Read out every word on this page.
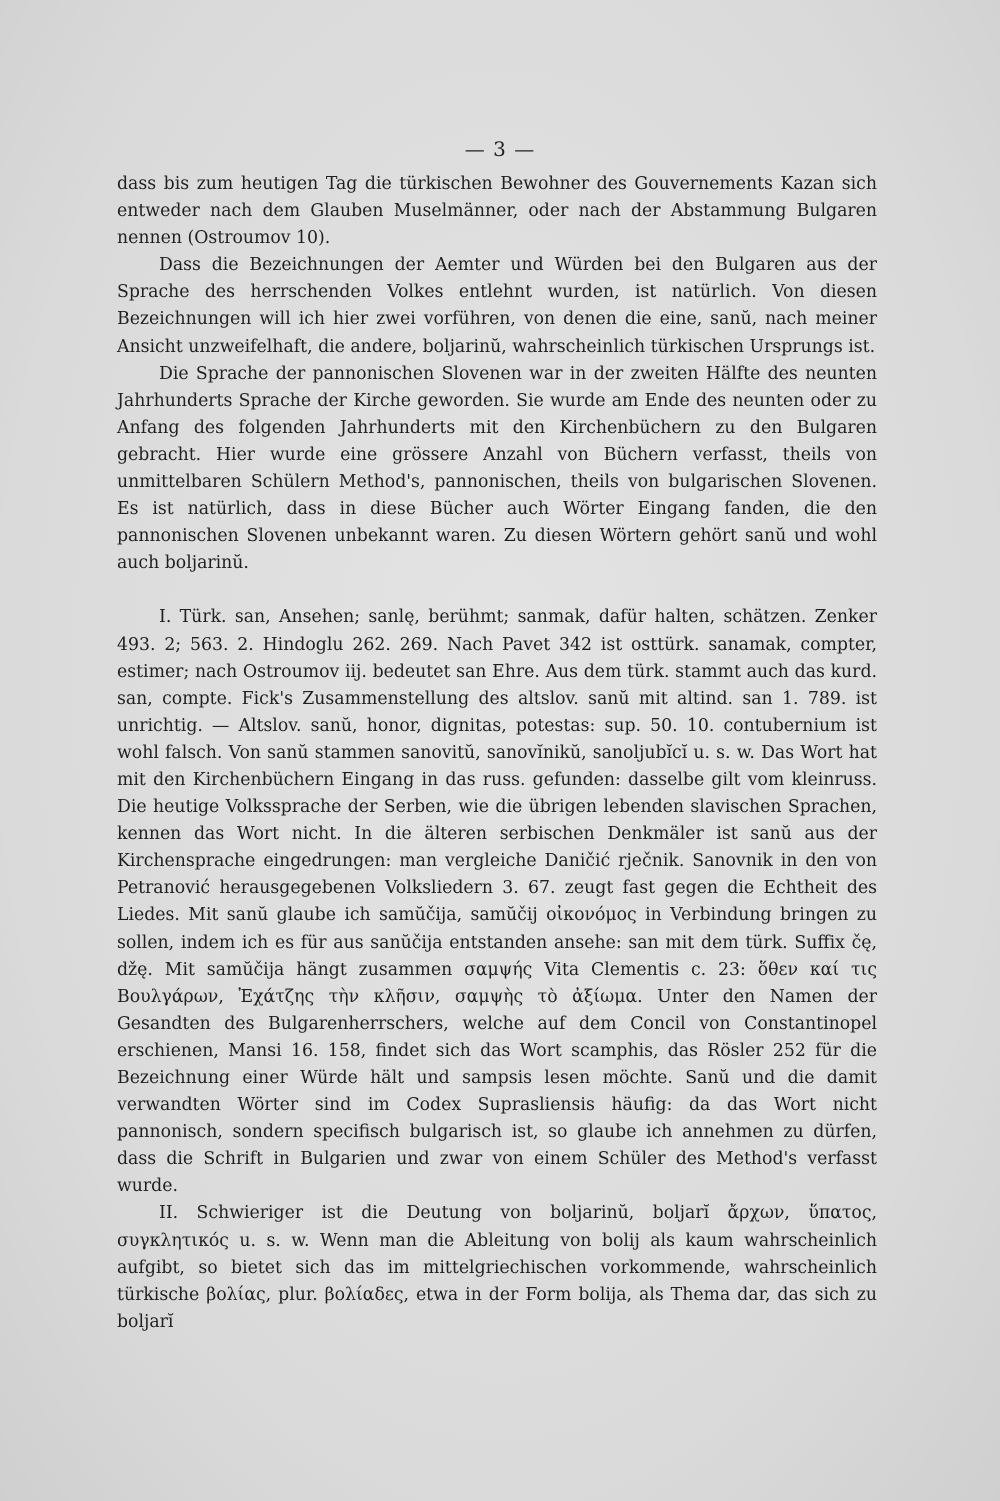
— 3 —

dass bis zum heutigen Tag die türkischen Bewohner des Gouvernements Kazan sich entweder nach dem Glauben Muselmänner, oder nach der Abstammung Bulgaren nennen (Ostroumov 10).

Dass die Bezeichnungen der Aemter und Würden bei den Bulgaren aus der Sprache des herrschenden Volkes entlehnt wurden, ist natürlich. Von diesen Bezeichnungen will ich hier zwei vorführen, von denen die eine, sanŭ, nach meiner Ansicht unzweifelhaft, die andere, boljarinŭ, wahrscheinlich türkischen Ursprungs ist.

Die Sprache der pannonischen Slovenen war in der zweiten Hälfte des neunten Jahrhunderts Sprache der Kirche geworden. Sie wurde am Ende des neunten oder zu Anfang des folgenden Jahrhunderts mit den Kirchenbüchern zu den Bulgaren gebracht. Hier wurde eine grössere Anzahl von Büchern verfasst, theils von unmittelbaren Schülern Method's, pannonischen, theils von bulgarischen Slovenen. Es ist natürlich, dass in diese Bücher auch Wörter Eingang fanden, die den pannonischen Slovenen unbekannt waren. Zu diesen Wörtern gehört sanŭ und wohl auch boljarinŭ.

I. Türk. san, Ansehen; sanlę, berühmt; sanmak, dafür halten, schätzen. Zenker 493. 2; 563. 2. Hindoglu 262. 269. Nach Pavet 342 ist osttürk. sanamak, compter, estimer; nach Ostroumov iij. bedeutet san Ehre. Aus dem türk. stammt auch das kurd. san, compte. Fick's Zusammenstellung des altslov. sanŭ mit altind. san 1. 789. ist unrichtig. — Altslov. sanŭ, honor, dignitas, potestas: sup. 50. 10. contubernium ist wohl falsch. Von sanŭ stammen sanovitŭ, sanovĭnikŭ, sanoljubĭcĭ u. s. w. Das Wort hat mit den Kirchenbüchern Eingang in das russ. gefunden: dasselbe gilt vom kleinruss. Die heutige Volkssprache der Serben, wie die übrigen lebenden slavischen Sprachen, kennen das Wort nicht. In die älteren serbischen Denkmäler ist sanŭ aus der Kirchensprache eingedrungen: man vergleiche Daničić rječnik. Sanovnik in den von Petranović herausgegebenen Volksliedern 3. 67. zeugt fast gegen die Echtheit des Liedes. Mit sanŭ glaube ich samŭčija, samŭčij οἰκονόμος in Verbindung bringen zu sollen, indem ich es für aus sanŭčija entstanden ansehe: san mit dem türk. Suffix čę, džę. Mit samŭčija hängt zusammen σαμψής Vita Clementis c. 23: ὅθεν καί τις Βουλγάρων, Ἐχάτζης τὴν κλῆσιν, σαμψὴς τὸ ἀξίωμα. Unter den Namen der Gesandten des Bulgarenherrschers, welche auf dem Concil von Constantinopel erschienen, Mansi 16. 158, findet sich das Wort scamphis, das Rösler 252 für die Bezeichnung einer Würde hält und sampsis lesen möchte. Sanŭ und die damit verwandten Wörter sind im Codex Suprasliensis häufig: da das Wort nicht pannonisch, sondern specifisch bulgarisch ist, so glaube ich annehmen zu dürfen, dass die Schrift in Bulgarien und zwar von einem Schüler des Method's verfasst wurde.

II. Schwieriger ist die Deutung von boljarinŭ, boljarĭ ἄρχων, ὕπατος, συγκλητικός u. s. w. Wenn man die Ableitung von bolij als kaum wahrscheinlich aufgibt, so bietet sich das im mittelgriechischen vorkommende, wahrscheinlich türkische βολίας, plur. βολίαδες, etwa in der Form bolija, als Thema dar, das sich zu boljarĭ
